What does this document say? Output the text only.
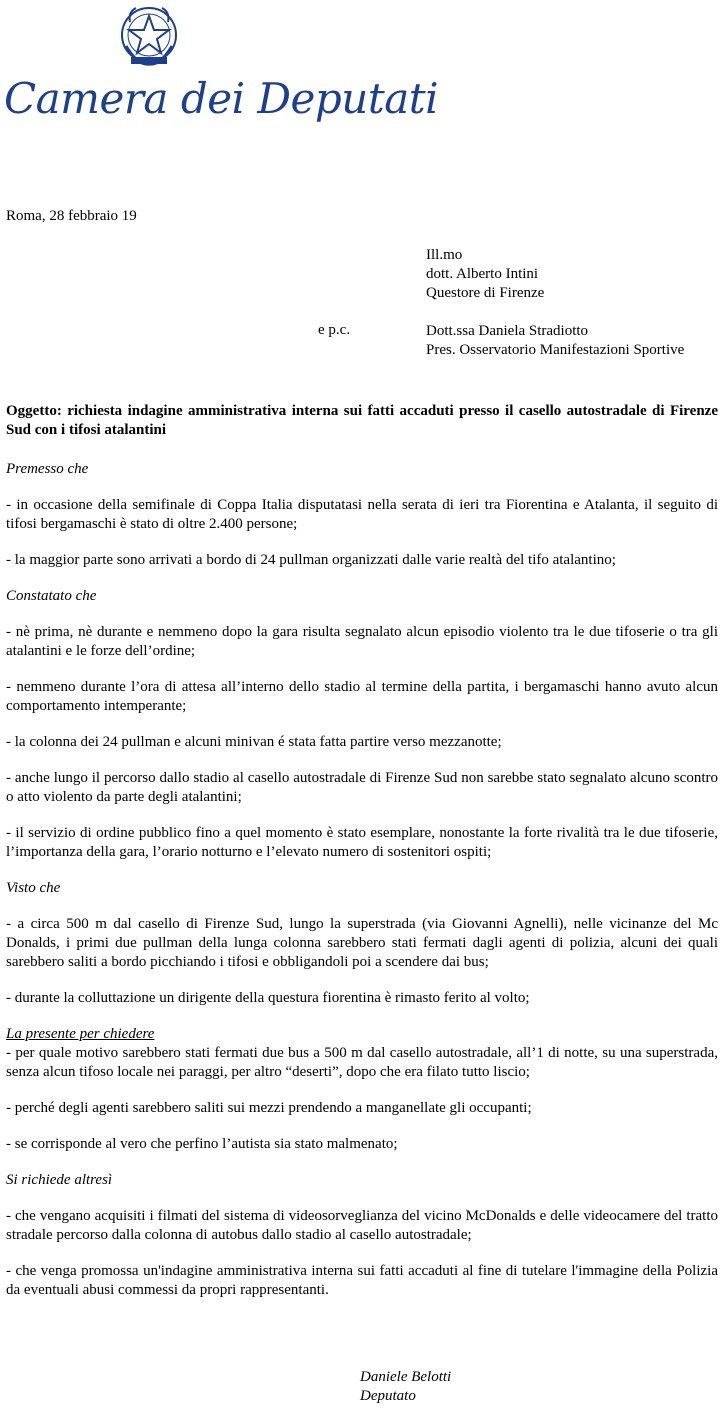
Camera dei Deputati
Roma, 28 febbraio 19
Ill.mo
dott. Alberto Intini
Questore di Firenze
e p.c.	Dott.ssa Daniela Stradiotto
Pres. Osservatorio Manifestazioni Sportive
Oggetto: richiesta indagine amministrativa interna sui fatti accaduti presso il casello autostradale di Firenze Sud con i tifosi atalantini
Premesso che
- in occasione della semifinale di Coppa Italia disputatasi nella serata di ieri tra Fiorentina e Atalanta, il seguito di tifosi bergamaschi è stato di oltre 2.400 persone;
- la maggior parte sono arrivati a bordo di 24 pullman organizzati dalle varie realtà del tifo atalantino;
Constatato che
- nè prima, nè durante e nemmeno dopo la gara risulta segnalato alcun episodio violento tra le due tifoserie o tra gli atalantini e le forze dell’ordine;
- nemmeno durante l’ora di attesa all’interno dello stadio al termine della partita, i bergamaschi hanno avuto alcun comportamento intemperante;
- la colonna dei 24 pullman e alcuni minivan é stata fatta partire verso mezzanotte;
- anche lungo il percorso dallo stadio al casello autostradale di Firenze Sud non sarebbe stato segnalato alcuno scontro o atto violento da parte degli atalantini;
- il servizio di ordine pubblico fino a quel momento è stato esemplare, nonostante la forte rivalità tra le due tifoserie, l’importanza della gara, l’orario notturno e l’elevato numero di sostenitori ospiti;
Visto che
- a circa 500 m dal casello di Firenze Sud, lungo la superstrada (via Giovanni Agnelli), nelle vicinanze del Mc Donalds, i primi due pullman della lunga colonna sarebbero stati fermati dagli agenti di polizia, alcuni dei quali sarebbero saliti a bordo picchiando i tifosi e obbligandoli poi a scendere dai bus;
- durante la colluttazione un dirigente della questura fiorentina è rimasto ferito al volto;
La presente per chiedere
- per quale motivo sarebbero stati fermati due bus a 500 m dal casello autostradale, all’1 di notte, su una superstrada, senza alcun tifoso locale nei paraggi, per altro “deserti”, dopo che era filato tutto liscio;
- perché degli agenti sarebbero saliti sui mezzi prendendo a manganellate gli occupanti;
- se corrisponde al vero che perfino l’autista sia stato malmenato;
Si richiede altresì
- che vengano acquisiti i filmati del sistema di videosorveglianza del vicino McDonalds e delle videocamere del tratto stradale percorso dalla colonna di autobus dallo stadio al casello autostradale;
- che venga promossa un'indagine amministrativa interna sui fatti accaduti al fine di tutelare l'immagine della Polizia da eventuali abusi commessi da propri rappresentanti.
Daniele Belotti
Deputato
